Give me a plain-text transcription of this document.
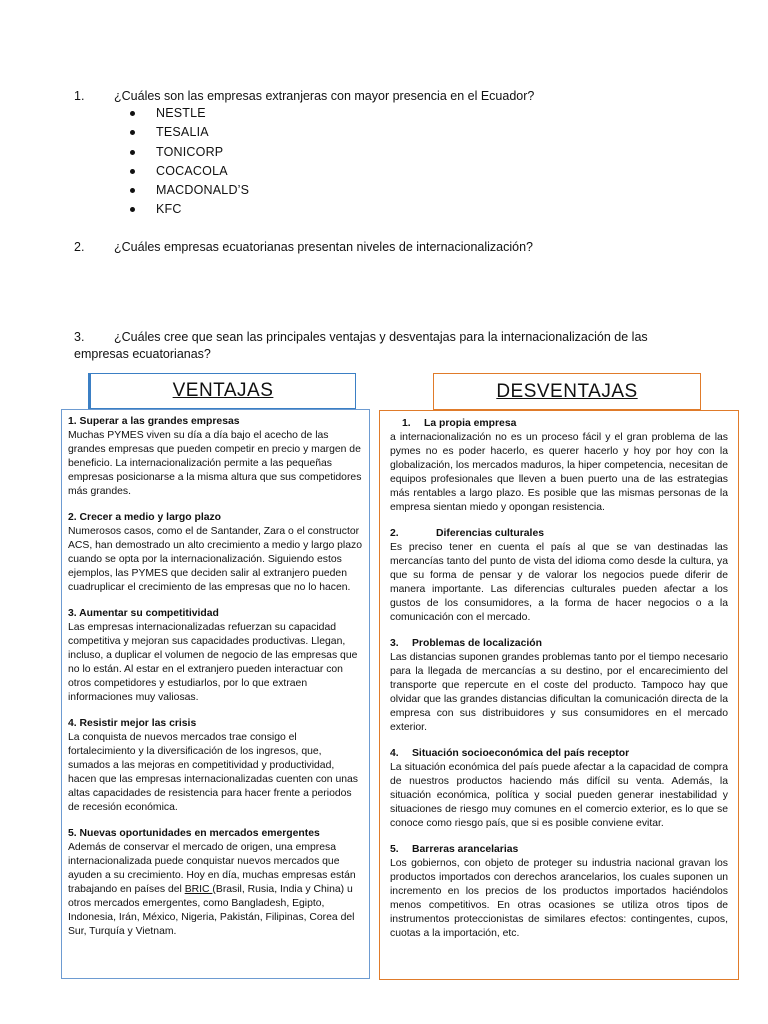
1. ¿Cuáles son las empresas extranjeras con mayor presencia en el Ecuador?
NESTLE
TESALIA
TONICORP
COCACOLA
MACDONALD’S
KFC
2. ¿Cuáles empresas ecuatorianas presentan niveles de internacionalización?
3. ¿Cuáles cree que sean las principales ventajas y desventajas para la internacionalización de las
empresas ecuatorianas?
VENTAJAS	DESVENTAJAS
1. Superar a las grandes empresas
Muchas PYMES viven su día a día bajo el acecho de las grandes empresas que pueden competir en precio y margen de beneficio. La internacionalización permite a las pequeñas empresas posicionarse a la misma altura que sus competidores más grandes.
2. Crecer a medio y largo plazo
Numerosos casos, como el de Santander, Zara o el constructor ACS, han demostrado un alto crecimiento a medio y largo plazo cuando se opta por la internacionalización. Siguiendo estos ejemplos, las PYMES que deciden salir al extranjero pueden cuadruplicar el crecimiento de las empresas que no lo hacen.
3. Aumentar su competitividad
Las empresas internacionalizadas refuerzan su capacidad competitiva y mejoran sus capacidades productivas. Llegan, incluso, a duplicar el volumen de negocio de las empresas que no lo están. Al estar en el extranjero pueden interactuar con otros competidores y estudiarlos, por lo que extraen informaciones muy valiosas.
4. Resistir mejor las crisis
La conquista de nuevos mercados trae consigo el fortalecimiento y la diversificación de los ingresos, que, sumados a las mejoras en competitividad y productividad, hacen que las empresas internacionalizadas cuenten con unas altas capacidades de resistencia para hacer frente a periodos de recesión económica.
5. Nuevas oportunidades en mercados emergentes
Además de conservar el mercado de origen, una empresa internacionalizada puede conquistar nuevos mercados que ayuden a su crecimiento. Hoy en día, muchas empresas están trabajando en países del BRIC (Brasil, Rusia, India y China) u otros mercados emergentes, como Bangladesh, Egipto, Indonesia, Irán, México, Nigeria, Pakistán, Filipinas, Corea del Sur, Turquía y Vietnam.
1. La propia empresa
a internacionalización no es un proceso fácil y el gran problema de las pymes no es poder hacerlo, es querer hacerlo y hoy por hoy con la globalización, los mercados maduros, la hiper competencia, necesitan de equipos profesionales que lleven a buen puerto una de las estrategias más rentables a largo plazo. Es posible que las mismas personas de la empresa sientan miedo y opongan resistencia.
2.	Diferencias culturales
Es preciso tener en cuenta el país al que se van destinadas las mercancías tanto del punto de vista del idioma como desde la cultura, ya que su forma de pensar y de valorar los negocios puede diferir de manera importante. Las diferencias culturales pueden afectar a los gustos de los consumidores, a la forma de hacer negocios o a la comunicación con el mercado.
3. Problemas de localización
Las distancias suponen grandes problemas tanto por el tiempo necesario para la llegada de mercancías a su destino, por el encarecimiento del transporte que repercute en el coste del producto. Tampoco hay que olvidar que las grandes distancias dificultan la comunicación directa de la empresa con sus distribuidores y sus consumidores en el mercado exterior.
4. Situación socioeconómica del país receptor
La situación económica del país puede afectar a la capacidad de compra de nuestros productos haciendo más difícil su venta. Además, la situación económica, política y social pueden generar inestabilidad y situaciones de riesgo muy comunes en el comercio exterior, es lo que se conoce como riesgo país, que si es posible conviene evitar.
5. Barreras arancelarias
Los gobiernos, con objeto de proteger su industria nacional gravan los productos importados con derechos arancelarios, los cuales suponen un incremento en los precios de los productos importados haciéndolos menos competitivos. En otras ocasiones se utiliza otros tipos de instrumentos proteccionistas de similares efectos: contingentes, cupos, cuotas a la importación, etc.
